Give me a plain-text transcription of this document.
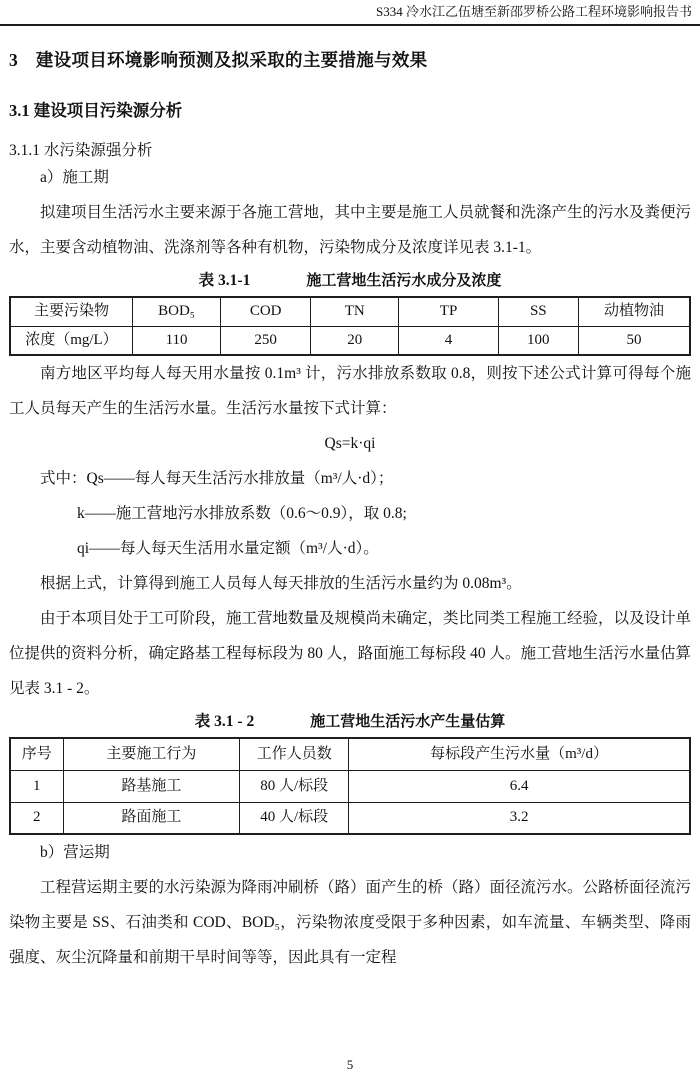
S334 冷水江乙伍塘至新邵罗桥公路工程环境影响报告书
3　建设项目环境影响预测及拟采取的主要措施与效果
3.1 建设项目污染源分析
3.1.1 水污染源强分析

a）施工期

拟建项目生活污水主要来源于各施工营地，其中主要是施工人员就餐和洗涤产生的污水及粪便污水，主要含动植物油、洗涤剂等各种有机物，污染物成分及浓度详见表 3.1-1。

表 3.1-1	施工营地生活污水成分及浓度
主要污染物	BOD₅	COD	TN	TP	SS	动植物油
浓度（mg/L）	110	250	20	4	100	50

南方地区平均每人每天用水量按 0.1m³ 计，污水排放系数取 0.8，则按下述公式计算可得每个施工人员每天产生的生活污水量。生活污水量按下式计算：

Qs=k·qi

式中：Qs——每人每天生活污水排放量（m³/人·d）；

k——施工营地污水排放系数（0.6～0.9），取 0.8;

qi——每人每天生活用水量定额（m³/人·d）。

根据上式，计算得到施工人员每人每天排放的生活污水量约为 0.08m³。

由于本项目处于工可阶段，施工营地数量及规模尚未确定，类比同类工程施工经验，以及设计单位提供的资料分析，确定路基工程每标段为 80 人，路面施工每标段 40 人。施工营地生活污水量估算见表 3.1 - 2。

表 3.1 - 2	施工营地生活污水产生量估算
序号	主要施工行为	工作人员数	每标段产生污水量（m³/d）
1	路基施工	80 人/标段	6.4
2	路面施工	40 人/标段	3.2

b）营运期

工程营运期主要的水污染源为降雨冲刷桥（路）面产生的桥（路）面径流污水。公路桥面径流污染物主要是 SS、石油类和 COD、BOD₅，污染物浓度受限于多种因素，如车流量、车辆类型、降雨强度、灰尘沉降量和前期干旱时间等等，因此具有一定程

5
